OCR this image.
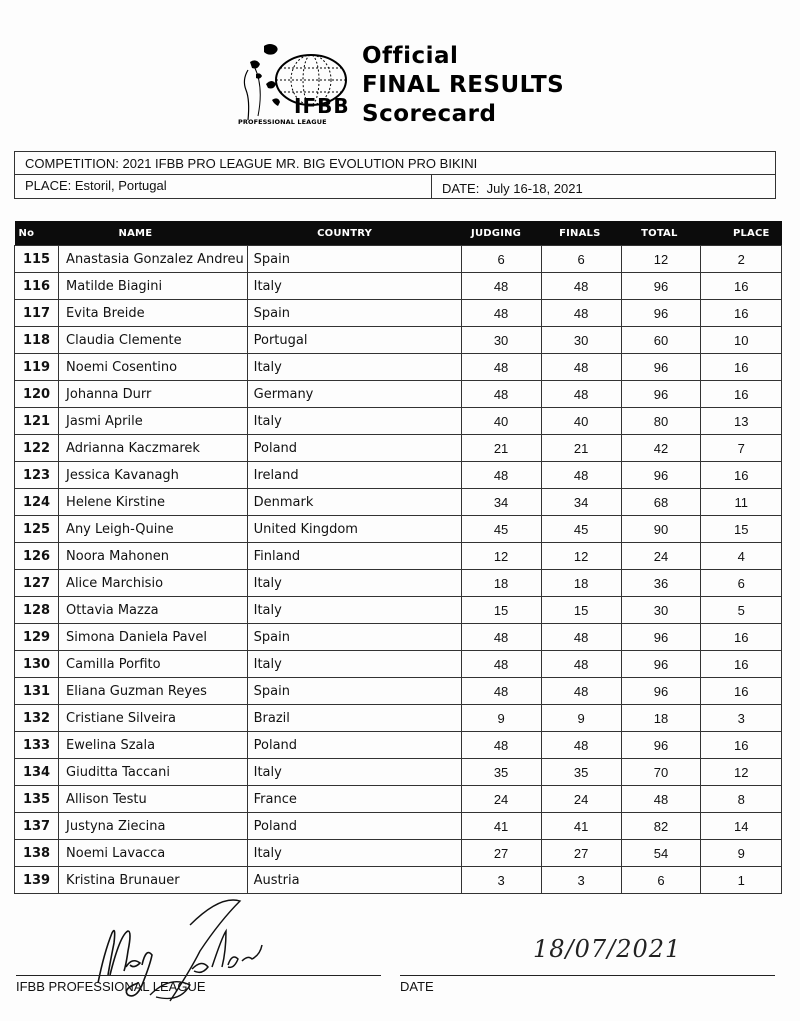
IFBB
PROFESSIONAL LEAGUE
Official
FINAL RESULTS
Scorecard
COMPETITION: 2021 IFBB PRO LEAGUE MR. BIG EVOLUTION PRO BIKINI
PLACE: Estoril, Portugal	DATE: July 16-18, 2021
No	NAME	COUNTRY	JUDGING	FINALS	TOTAL	PLACE
115	Anastasia Gonzalez Andreu	Spain	6	6	12	2
116	Matilde Biagini	Italy	48	48	96	16
117	Evita Breide	Spain	48	48	96	16
118	Claudia Clemente	Portugal	30	30	60	10
119	Noemi Cosentino	Italy	48	48	96	16
120	Johanna Durr	Germany	48	48	96	16
121	Jasmi Aprile	Italy	40	40	80	13
122	Adrianna Kaczmarek	Poland	21	21	42	7
123	Jessica Kavanagh	Ireland	48	48	96	16
124	Helene Kirstine	Denmark	34	34	68	11
125	Any Leigh-Quine	United Kingdom	45	45	90	15
126	Noora Mahonen	Finland	12	12	24	4
127	Alice Marchisio	Italy	18	18	36	6
128	Ottavia Mazza	Italy	15	15	30	5
129	Simona Daniela Pavel	Spain	48	48	96	16
130	Camilla Porfito	Italy	48	48	96	16
131	Eliana Guzman Reyes	Spain	48	48	96	16
132	Cristiane Silveira	Brazil	9	9	18	3
133	Ewelina Szala	Poland	48	48	96	16
134	Giuditta Taccani	Italy	35	35	70	12
135	Allison Testu	France	24	24	48	8
137	Justyna Ziecina	Poland	41	41	82	14
138	Noemi Lavacca	Italy	27	27	54	9
139	Kristina Brunauer	Austria	3	3	6	1
IFBB PROFESSIONAL LEAGUE
18/07/2021
DATE
